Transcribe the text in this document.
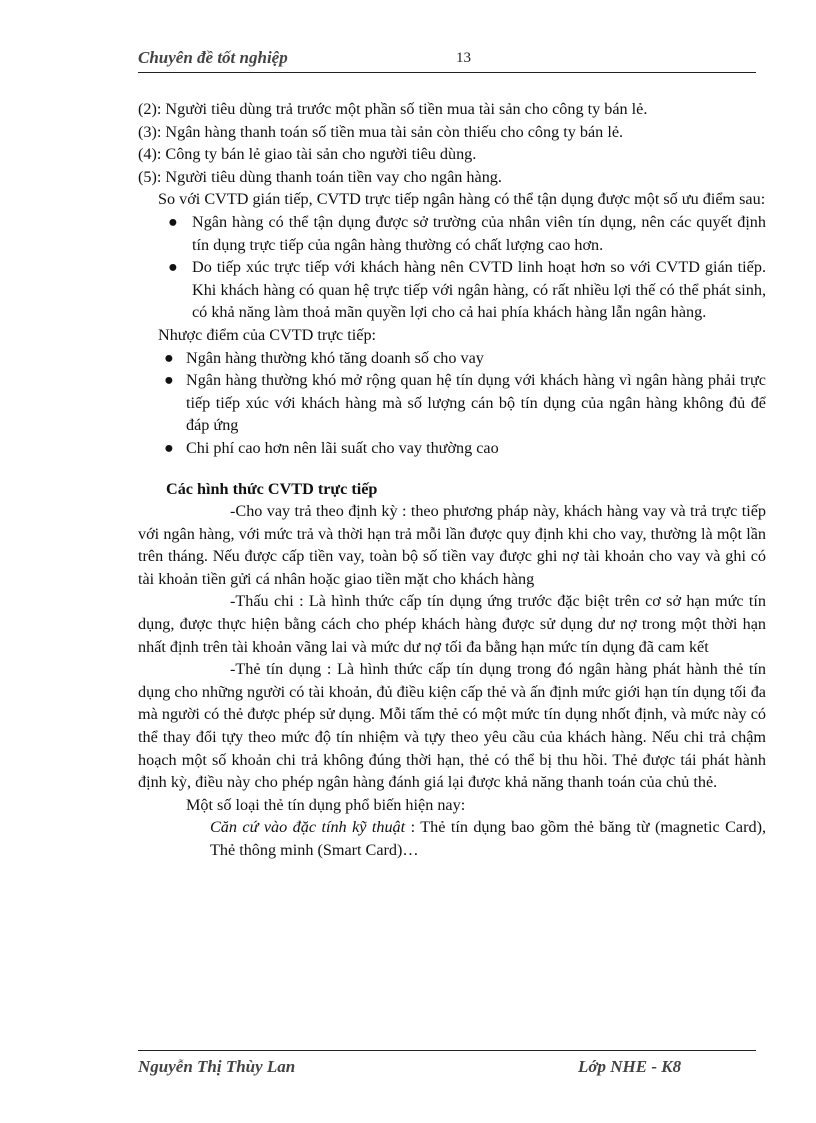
Chuyên đề tốt nghiệp	13

(2): Người tiêu dùng trả trước một phần số tiền mua tài sản cho công ty bán lẻ.

(3): Ngân hàng thanh toán số tiền mua tài sản còn thiếu cho công ty bán lẻ.

(4): Công ty bán lẻ giao tài sản cho người tiêu dùng.

(5): Người tiêu dùng thanh toán tiền vay cho ngân hàng.

So với CVTD gián tiếp, CVTD trực tiếp ngân hàng có thể tận dụng được một số ưu điểm sau:

● Ngân hàng có thể tận dụng được sở trường của nhân viên tín dụng, nên các quyết định tín dụng trực tiếp của ngân hàng thường có chất lượng cao hơn.
● Do tiếp xúc trực tiếp với khách hàng nên CVTD linh hoạt hơn so với CVTD gián tiếp. Khi khách hàng có quan hệ trực tiếp với ngân hàng, có rất nhiều lợi thế có thể phát sinh, có khả năng làm thoả mãn quyền lợi cho cả hai phía khách hàng lẫn ngân hàng.

Nhược điểm của CVTD trực tiếp:

● Ngân hàng thường khó tăng doanh số cho vay
● Ngân hàng thường khó mở rộng quan hệ tín dụng với khách hàng vì ngân hàng phải trực tiếp tiếp xúc với khách hàng mà số lượng cán bộ tín dụng của ngân hàng không đủ để đáp ứng
● Chi phí cao hơn nên lãi suất cho vay thường cao

Các hình thức CVTD trực tiếp

-Cho vay trả theo định kỳ : theo phương pháp này, khách hàng vay và trả trực tiếp với ngân hàng, với mức trả và thời hạn trả mỗi lần được quy định khi cho vay, thường là một lần trên tháng. Nếu được cấp tiền vay, toàn bộ số tiền vay được ghi nợ tài khoản cho vay và ghi có tài khoản tiền gửi cá nhân hoặc giao tiền mặt cho khách hàng

-Thấu chi : Là hình thức cấp tín dụng ứng trước đặc biệt trên cơ sở hạn mức tín dụng, được thực hiện bằng cách cho phép khách hàng được sử dụng dư nợ trong một thời hạn nhất định trên tài khoản vãng lai và mức dư nợ tối đa bằng hạn mức tín dụng đã cam kết

-Thẻ tín dụng : Là hình thức cấp tín dụng trong đó ngân hàng phát hành thẻ tín dụng cho những người có tài khoản, đủ điều kiện cấp thẻ và ấn định mức giới hạn tín dụng tối đa mà người có thẻ được phép sử dụng. Mỗi tấm thẻ có một mức tín dụng nhốt định, và mức này có thể thay đổi tựy theo mức độ tín nhiệm và tựy theo yêu cầu của khách hàng. Nếu chi trả chậm hoạch một số khoản chi trả không đúng thời hạn, thẻ có thể bị thu hồi. Thẻ được tái phát hành định kỳ, điều này cho phép ngân hàng đánh giá lại được khả năng thanh toán của chủ thẻ.

Một số loại thẻ tín dụng phổ biến hiện nay:

Căn cứ vào đặc tính kỹ thuật : Thẻ tín dụng bao gồm thẻ băng từ (magnetic Card), Thẻ thông minh (Smart Card)…

Nguyễn Thị Thùy Lan	Lớp NHE - K8
